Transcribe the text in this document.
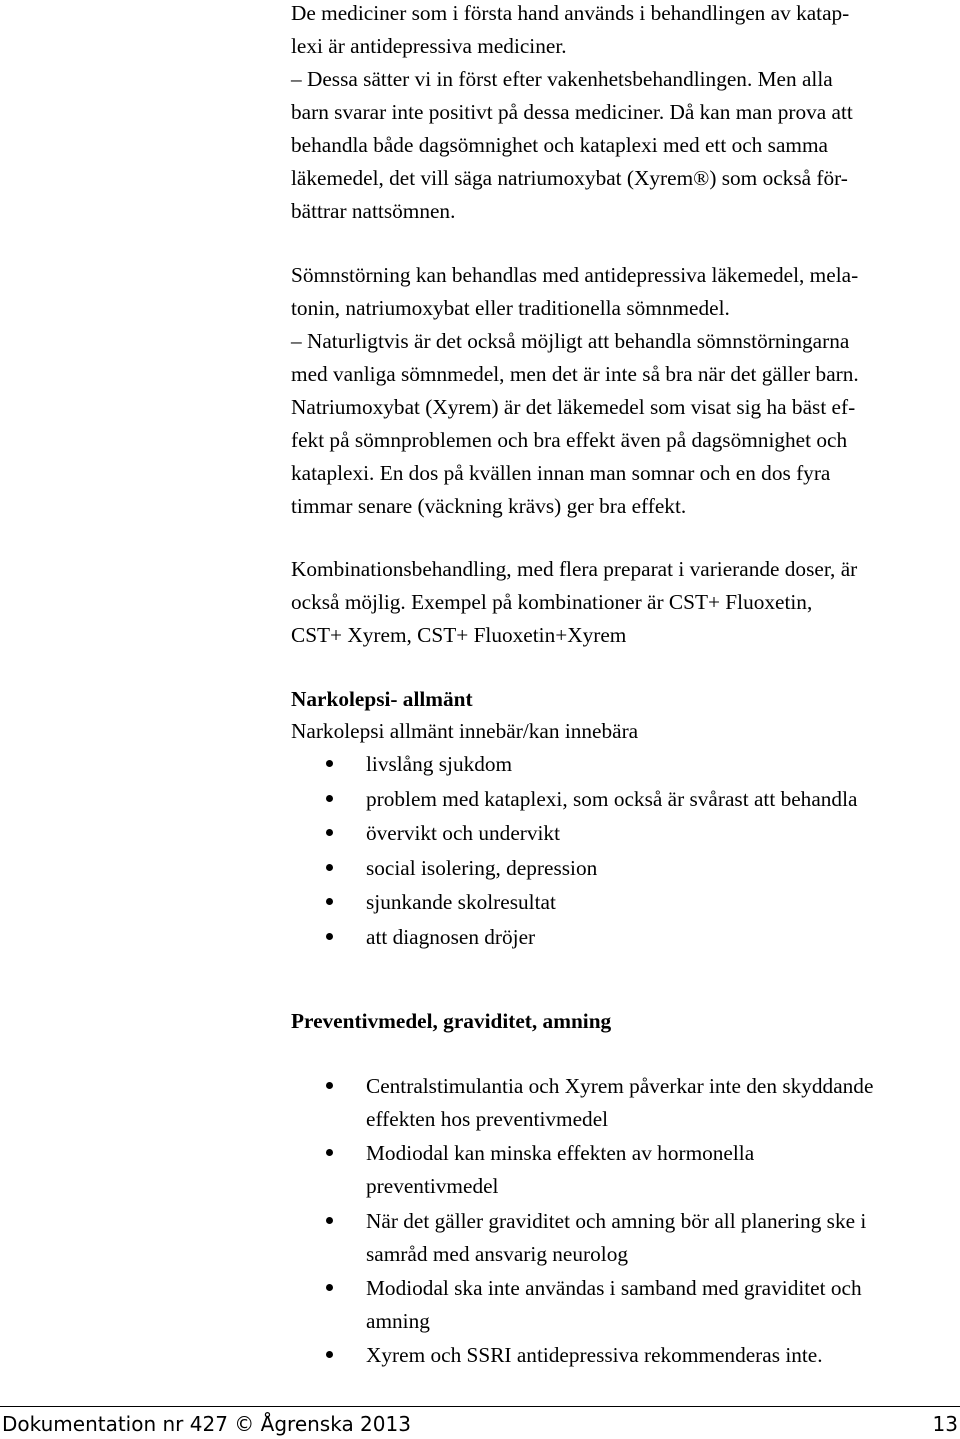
De mediciner som i första hand används i behandlingen av katap-
lexi är antidepressiva mediciner.
– Dessa sätter vi in först efter vakenhetsbehandlingen. Men alla
barn svarar inte positivt på dessa mediciner. Då kan man prova att
behandla både dagsömnighet och kataplexi med ett och samma
läkemedel, det vill säga natriumoxybat (Xyrem®) som också för-
bättrar nattsömnen.
Sömnstörning kan behandlas med antidepressiva läkemedel, mela-
tonin, natriumoxybat eller traditionella sömnmedel.
– Naturligtvis är det också möjligt att behandla sömnstörningarna
med vanliga sömnmedel, men det är inte så bra när det gäller barn.
Natriumoxybat (Xyrem) är det läkemedel som visat sig ha bäst ef-
fekt på sömnproblemen och bra effekt även på dagsömnighet och
kataplexi. En dos på kvällen innan man somnar och en dos fyra
timmar senare (väckning krävs) ger bra effekt.
Kombinationsbehandling, med flera preparat i varierande doser, är
också möjlig. Exempel på kombinationer är CST+ Fluoxetin,
CST+ Xyrem, CST+ Fluoxetin+Xyrem
Narkolepsi- allmänt
Narkolepsi allmänt innebär/kan innebära
livslång sjukdom
problem med kataplexi, som också är svårast att behandla
övervikt och undervikt
social isolering, depression
sjunkande skolresultat
att diagnosen dröjer
Preventivmedel, graviditet, amning
Centralstimulantia och Xyrem påverkar inte den skyddande
effekten hos preventivmedel
Modiodal kan minska effekten av hormonella
preventivmedel
När det gäller graviditet och amning bör all planering ske i
samråd med ansvarig neurolog
Modiodal ska inte användas i samband med graviditet och
amning
Xyrem och SSRI antidepressiva rekommenderas inte.
Dokumentation nr 427 © Ågrenska 2013	13
